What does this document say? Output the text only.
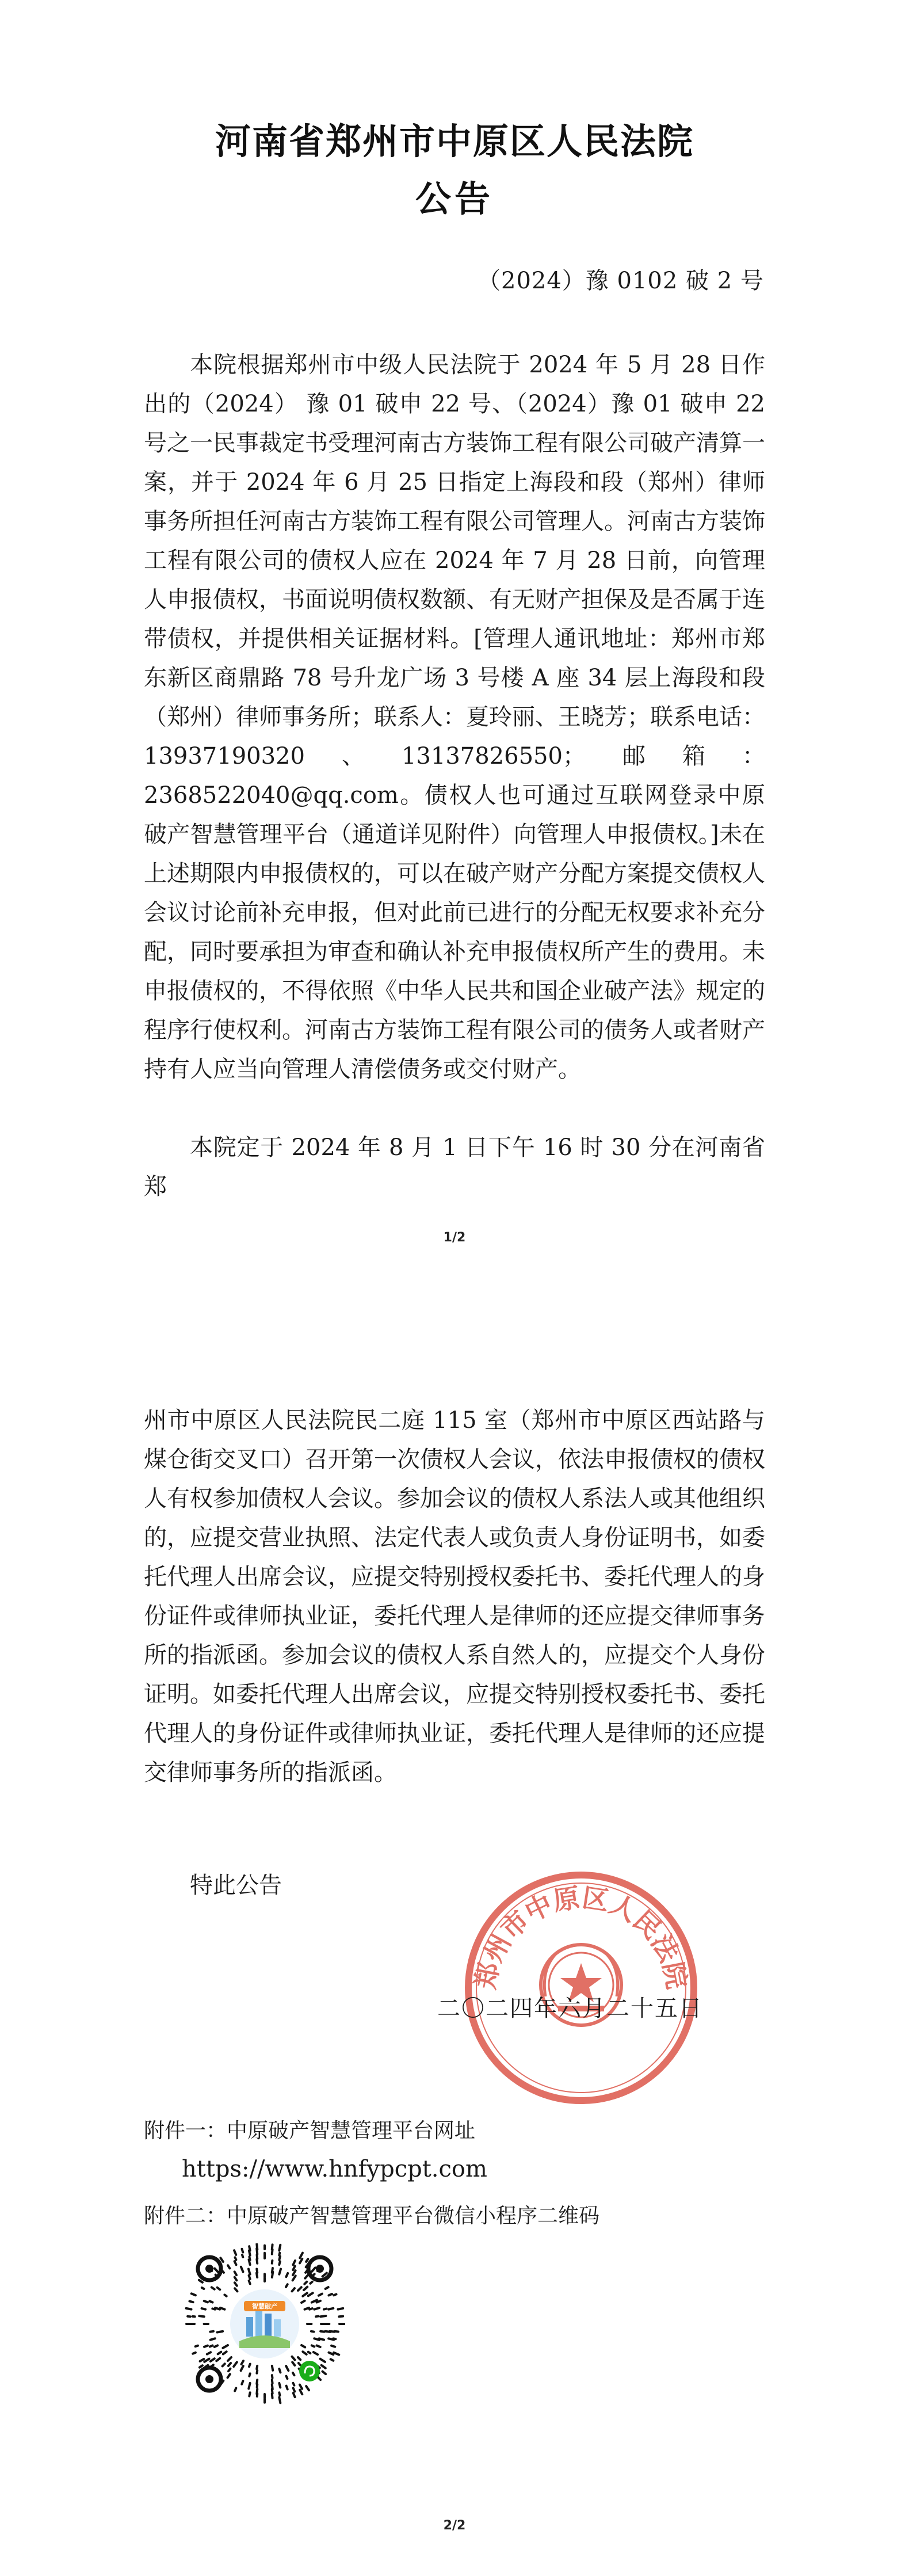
河南省郑州市中原区人民法院
公告
（2024）豫 0102 破 2 号

本院根据郑州市中级人民法院于 2024 年 5 月 28 日作出的（2024） 豫 01 破申 22 号、（2024）豫 01 破申 22 号之一民事裁定书受理河南古方装饰工程有限公司破产清算一案，并于 2024 年 6 月 25 日指定上海段和段（郑州）律师事务所担任河南古方装饰工程有限公司管理人。河南古方装饰工程有限公司的债权人应在 2024 年 7 月 28 日前，向管理人申报债权，书面说明债权数额、有无财产担保及是否属于连带债权，并提供相关证据材料。[管理人通讯地址：郑州市郑东新区商鼎路 78 号升龙广场 3 号楼 A 座 34 层上海段和段（郑州）律师事务所；联系人：夏玲丽、王晓芳；联系电话：13937190320、13137826550；邮箱：2368522040@qq.com。债权人也可通过互联网登录中原破产智慧管理平台（通道详见附件）向管理人申报债权。]未在上述期限内申报债权的，可以在破产财产分配方案提交债权人会议讨论前补充申报，但对此前已进行的分配无权要求补充分配，同时要承担为审查和确认补充申报债权所产生的费用。未申报债权的，不得依照《中华人民共和国企业破产法》规定的程序行使权利。河南古方装饰工程有限公司的债务人或者财产持有人应当向管理人清偿债务或交付财产。

本院定于 2024 年 8 月 1 日下午 16 时 30 分在河南省郑

1/2

州市中原区人民法院民二庭 115 室（郑州市中原区西站路与煤仓街交叉口）召开第一次债权人会议，依法申报债权的债权人有权参加债权人会议。参加会议的债权人系法人或其他组织的，应提交营业执照、法定代表人或负责人身份证明书，如委托代理人出席会议，应提交特别授权委托书、委托代理人的身份证件或律师执业证，委托代理人是律师的还应提交律师事务所的指派函。参加会议的债权人系自然人的，应提交个人身份证明。如委托代理人出席会议，应提交特别授权委托书、委托代理人的身份证件或律师执业证，委托代理人是律师的还应提交律师事务所的指派函。

特此公告
郑州市中原区人民法院
二〇二四年六月二十五日
附件一：中原破产智慧管理平台网址
https://www.hnfypcpt.com
附件二：中原破产智慧管理平台微信小程序二维码
智慧破产
2/2
